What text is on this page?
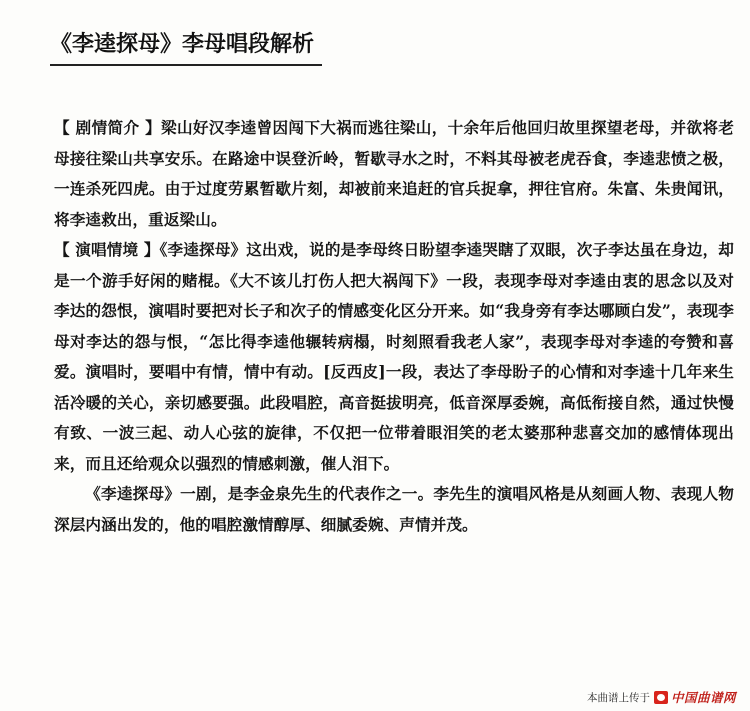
《李逵探母》李母唱段解析

【 剧情简介 】梁山好汉李逵曾因闯下大祸而逃往梁山，十余年后他回归故里探望老母，并欲将老母接往梁山共享安乐。在路途中误登沂岭，暂歇寻水之时，不料其母被老虎吞食，李逵悲愤之极，一连杀死四虎。由于过度劳累暂歇片刻，却被前来追赶的官兵捉拿，押往官府。朱富、朱贵闻讯，将李逵救出，重返梁山。

【 演唱情境 】《李逵探母》这出戏，说的是李母终日盼望李逵哭瞎了双眼，次子李达虽在身边，却是一个游手好闲的赌棍。《大不该儿打伤人把大祸闯下》一段，表现李母对李逵由衷的思念以及对李达的怨恨，演唱时要把对长子和次子的情感变化区分开来。如“我身旁有李达哪顾白发”，表现李母对李达的怨与恨，“怎比得李逵他辗转病榻，时刻照看我老人家”，表现李母对李逵的夸赞和喜爱。演唱时，要唱中有情，情中有动。[反西皮]一段，表达了李母盼子的心情和对李逵十几年来生活冷暖的关心，亲切感要强。此段唱腔，高音挺拔明亮，低音深厚委婉，高低衔接自然，通过快慢有致、一波三起、动人心弦的旋律，不仅把一位带着眼泪笑的老太婆那种悲喜交加的感情体现出来，而且还给观众以强烈的情感刺激，催人泪下。

《李逵探母》一剧，是李金泉先生的代表作之一。李先生的演唱风格是从刻画人物、表现人物深层内涵出发的，他的唱腔激情醇厚、细腻委婉、声情并茂。

本曲谱上传于 中国曲谱网
